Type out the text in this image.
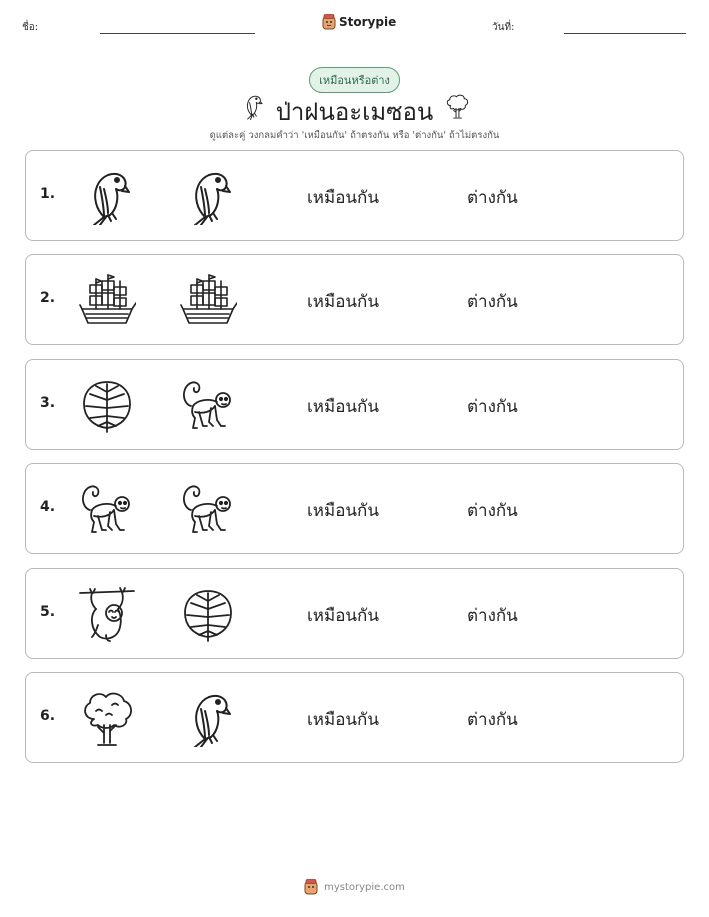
ชื่อ:	Storypie	วันที่:
เหมือนหรือต่าง
ป่าฝนอะเมซอน
ดูแต่ละคู่ วงกลมคำว่า 'เหมือนกัน' ถ้าตรงกัน หรือ 'ต่างกัน' ถ้าไม่ตรงกัน
1.	เหมือนกัน	ต่างกัน
2.	เหมือนกัน	ต่างกัน
3.	เหมือนกัน	ต่างกัน
4.	เหมือนกัน	ต่างกัน
5.	เหมือนกัน	ต่างกัน
6.	เหมือนกัน	ต่างกัน
mystorypie.com
